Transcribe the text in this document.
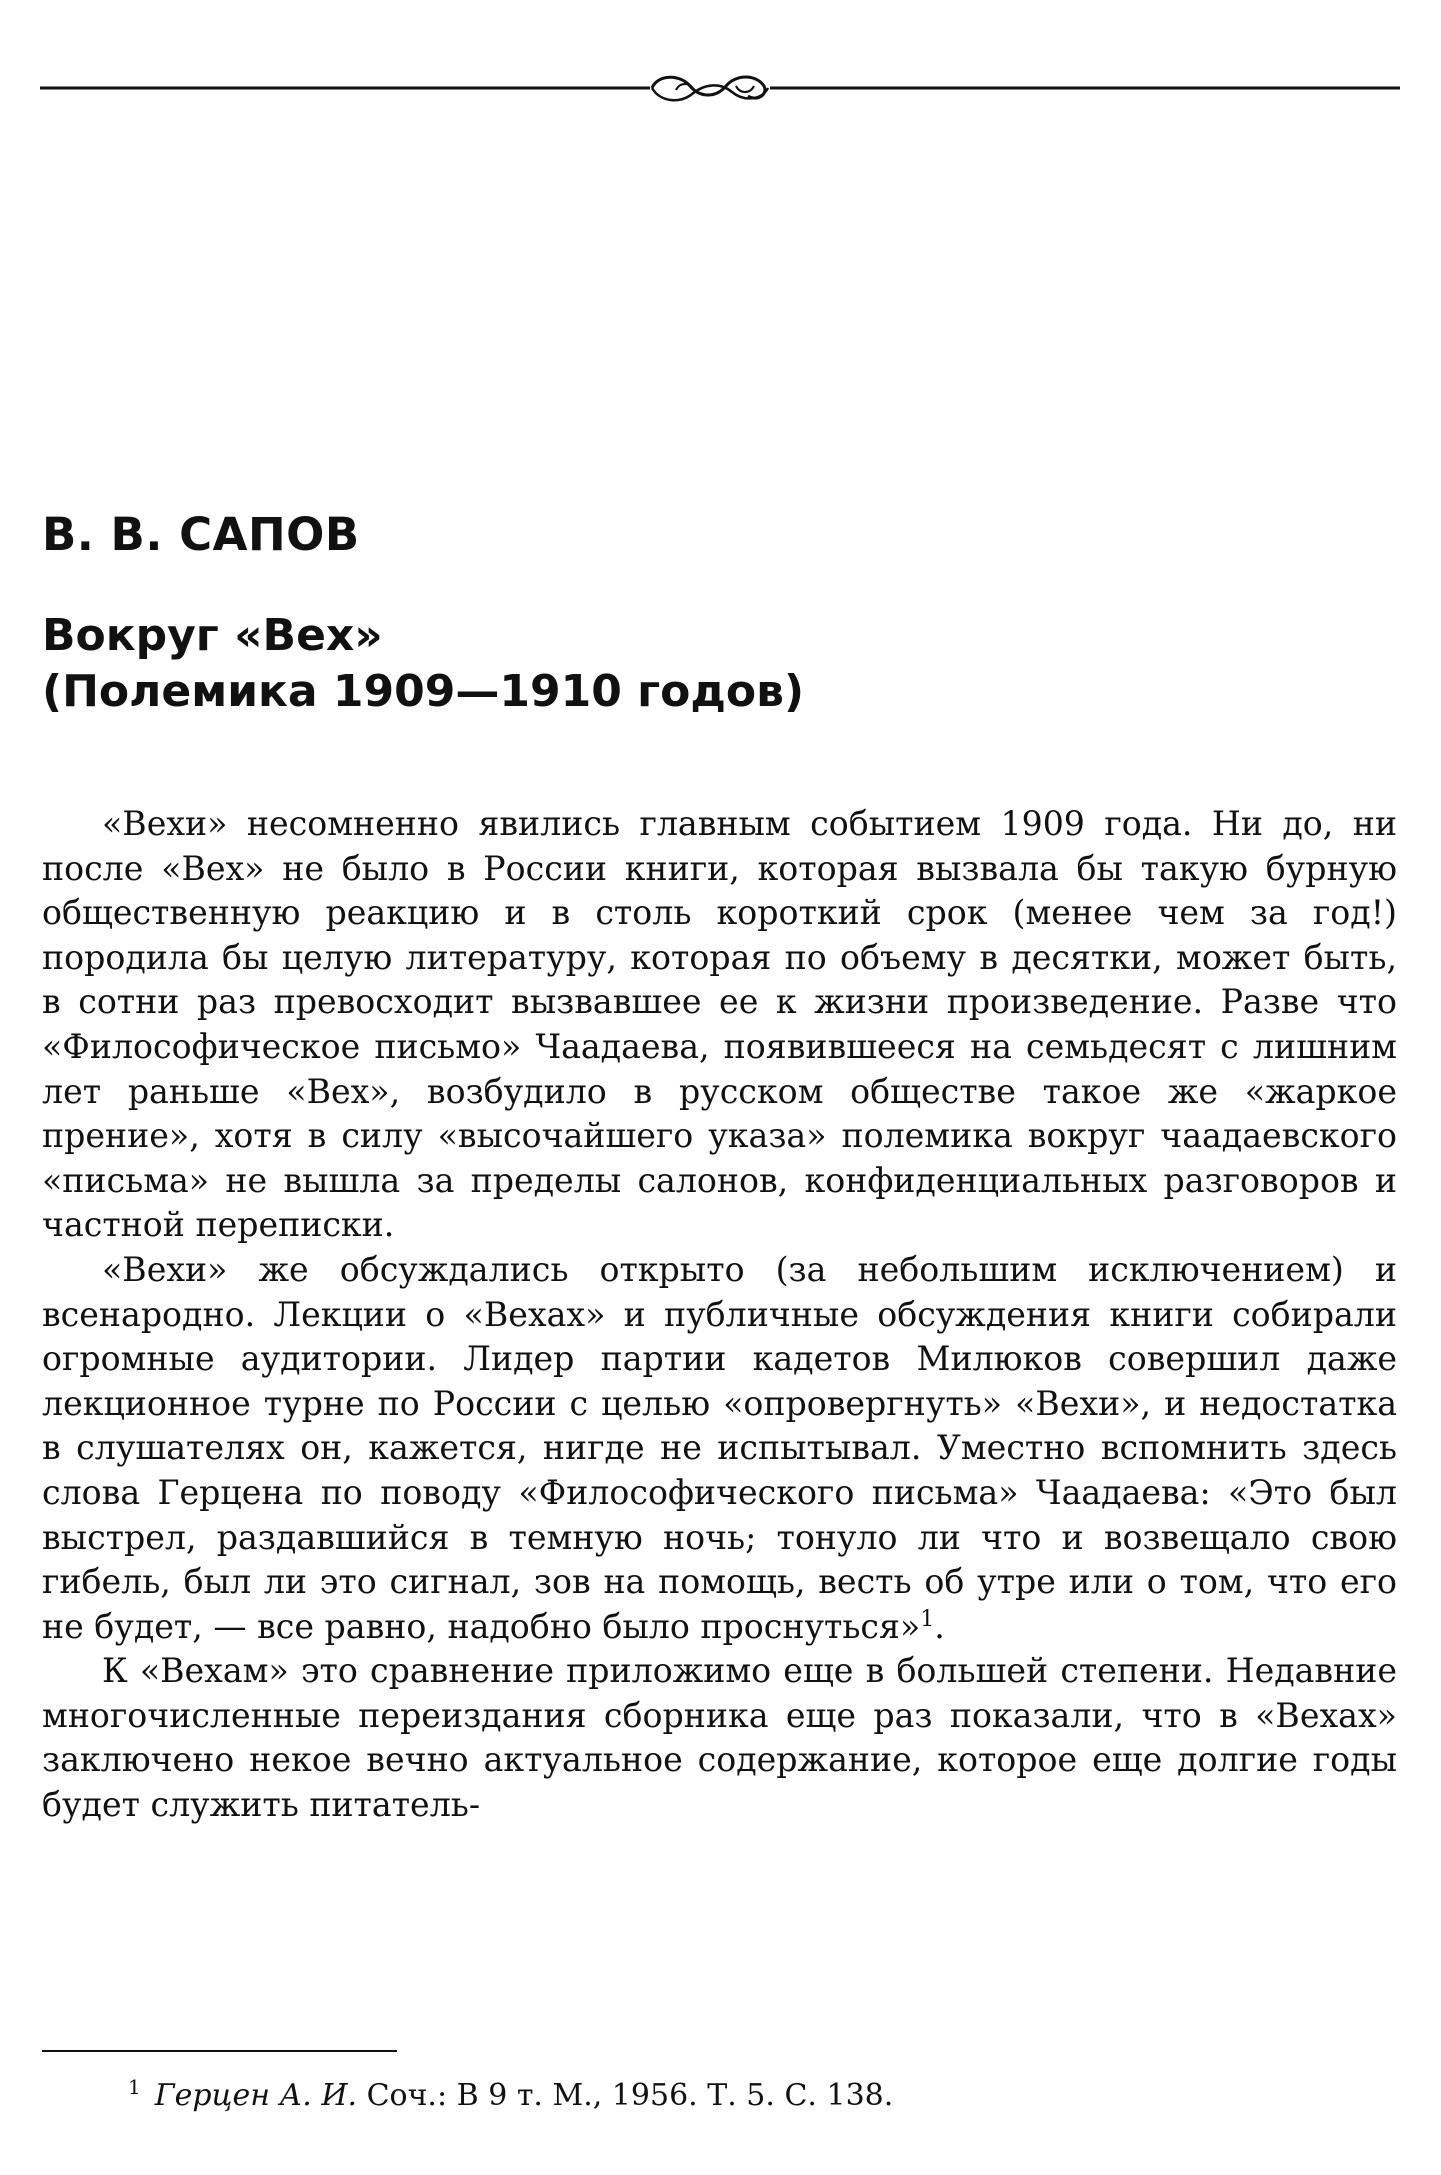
В. В. САПОВ
Вокруг «Вех»
(Полемика 1909—1910 годов)

«Вехи» несомненно явились главным событием 1909 года. Ни до, ни после «Вех» не было в России книги, которая вызвала бы такую бурную общественную реакцию и в столь короткий срок (менее чем за год!) породила бы целую литературу, которая по объему в десятки, может быть, в сотни раз превосходит вызвавшее ее к жизни произведение. Разве что «Философическое письмо» Чаадаева, появившееся на семьдесят с лишним лет раньше «Вех», возбудило в русском обществе такое же «жаркое прение», хотя в силу «высочайшего указа» полемика вокруг чаадаевского «письма» не вышла за пределы салонов, конфиденциальных разговоров и частной переписки.

«Вехи» же обсуждались открыто (за небольшим исключением) и всенародно. Лекции о «Вехах» и публичные обсуждения книги собирали огромные аудитории. Лидер партии кадетов Милюков совершил даже лекционное турне по России с целью «опровергнуть» «Вехи», и недостатка в слушателях он, кажется, нигде не испытывал. Уместно вспомнить здесь слова Герцена по поводу «Философического письма» Чаадаева: «Это был выстрел, раздавшийся в темную ночь; тонуло ли что и возвещало свою гибель, был ли это сигнал, зов на помощь, весть об утре или о том, что его не будет, — все равно, надобно было проснуться»$^1$.

К «Вехам» это сравнение приложимо еще в большей степени. Недавние многочисленные переиздания сборника еще раз показали, что в «Вехах» заключено некое вечно актуальное содержание, которое еще долгие годы будет служить питатель-

$^1$ Герцен А. И. Соч.: В 9 т. М., 1956. Т. 5. С. 138.
